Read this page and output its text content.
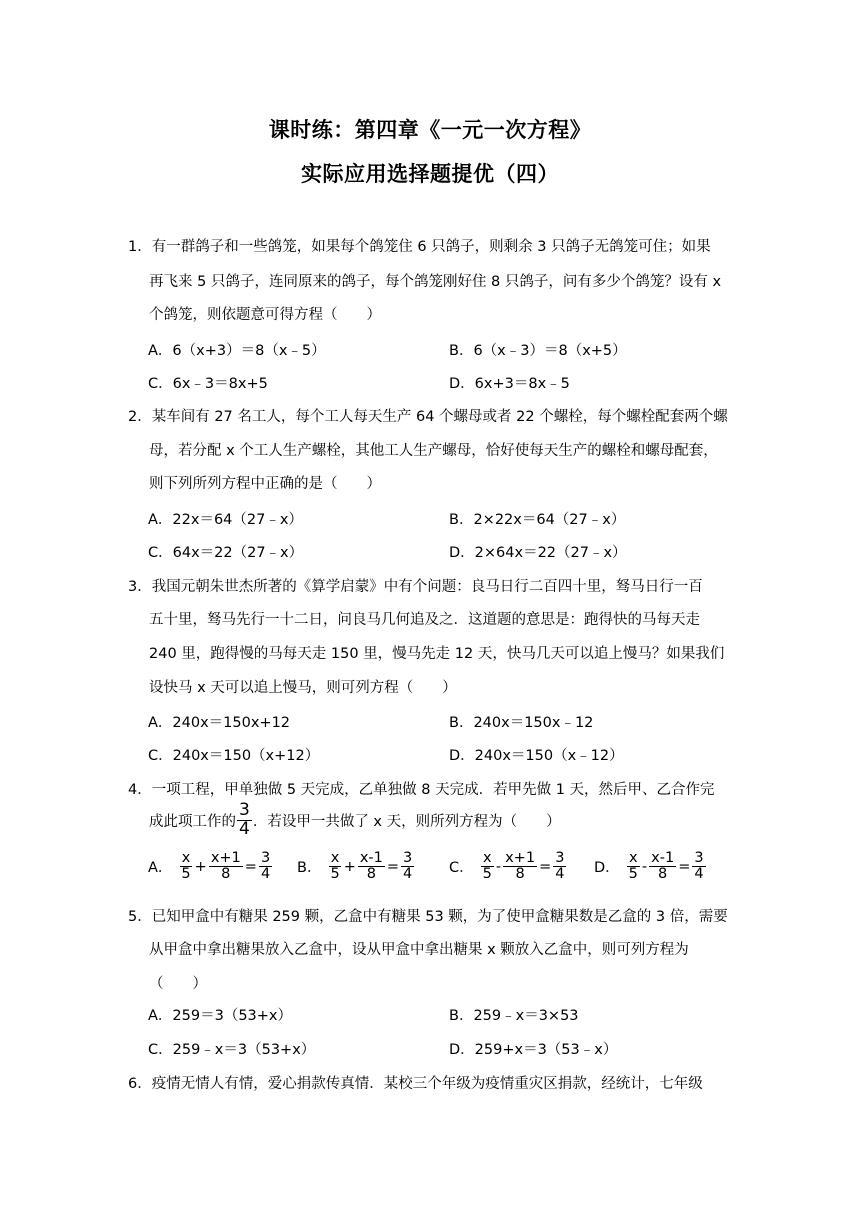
课时练：第四章《一元一次方程》
实际应用选择题提优（四）
1．有一群鸽子和一些鸽笼，如果每个鸽笼住 6 只鸽子，则剩余 3 只鸽子无鸽笼可住；如果
再飞来 5 只鸽子，连同原来的鸽子，每个鸽笼刚好住 8 只鸽子，问有多少个鸽笼？设有 x
个鸽笼，则依题意可得方程（　　）
A．6（x+3）＝8（x﹣5）	B．6（x﹣3）＝8（x+5）
C．6x﹣3＝8x+5	D．6x+3＝8x﹣5
2．某车间有 27 名工人，每个工人每天生产 64 个螺母或者 22 个螺栓，每个螺栓配套两个螺
母，若分配 x 个工人生产螺栓，其他工人生产螺母，恰好使每天生产的螺栓和螺母配套，
则下列所列方程中正确的是（　　）
A．22x＝64（27﹣x）	B．2×22x＝64（27﹣x）
C．64x＝22（27﹣x）	D．2×64x＝22（27﹣x）
3．我国元朝朱世杰所著的《算学启蒙》中有个问题：良马日行二百四十里，驽马日行一百
五十里，驽马先行一十二日，问良马几何追及之．这道题的意思是：跑得快的马每天走
240 里，跑得慢的马每天走 150 里，慢马先走 12 天，快马几天可以追上慢马？如果我们
设快马 x 天可以追上慢马，则可列方程（　　）
A．240x＝150x+12	B．240x＝150x﹣12
C．240x＝150（x+12）	D．240x＝150（x﹣12）
4．一项工程，甲单独做 5 天完成，乙单独做 8 天完成．若甲先做 1 天，然后甲、乙合作完
成此项工作的 $\frac{3}{4}$ ．若设甲一共做了 x 天，则所列方程为（　　）
A． $\frac{x}{5} + \frac{x+1}{8} = \frac{3}{4}$ B． $\frac{x}{5} + \frac{x-1}{8} = \frac{3}{4}$ C． $\frac{x}{5} - \frac{x+1}{8} = \frac{3}{4}$ D． $\frac{x}{5} - \frac{x-1}{8} = \frac{3}{4}$
5．已知甲盒中有糖果 259 颗，乙盒中有糖果 53 颗，为了使甲盒糖果数是乙盒的 3 倍，需要
从甲盒中拿出糖果放入乙盒中，设从甲盒中拿出糖果 x 颗放入乙盒中，则可列方程为
（　　）
A．259＝3（53+x）	B．259﹣x＝3×53
C．259﹣x＝3（53+x）	D．259+x＝3（53﹣x）
6．疫情无情人有情，爱心捐款传真情．某校三个年级为疫情重灾区捐款，经统计，七年级
